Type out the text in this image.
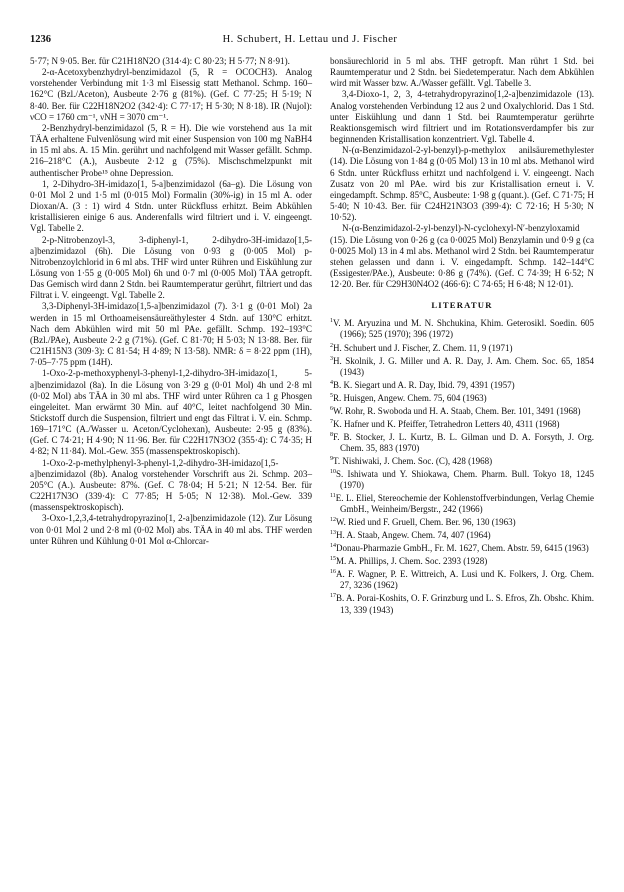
H. Schubert, H. Lettau und J. Fischer
1236

5·77; N 9·05. Ber. für C21H18N2O (314·4): C 80·23; H 5·77; N 8·91).

2-α-Acetoxybenzhydryl-benzimidazol (5, R = OCOCH3). Analog vorstehender Verbindung mit 1·3 ml Eisessig statt Methanol. Schmp. 160–162°C (Bzl./Aceton), Ausbeute 2·76 g (81%). (Gef. C 77·25; H 5·19; N 8·40. Ber. für C22H18N2O2 (342·4): C 77·17; H 5·30; N 8·18). IR (Nujol): νCO = 1760 cm⁻¹, νNH = 3070 cm⁻¹.

2-Benzhydryl-benzimidazol (5, R = H). Die wie vorstehend aus 1a mit TÄA erhaltene Fulvenlösung wird mit einer Suspension von 100 mg NaBH4 in 15 ml abs. A. 15 Min. gerührt und nachfolgend mit Wasser gefällt. Schmp. 216–218°C (A.), Ausbeute 2·12 g (75%). Mischschmelzpunkt mit authentischer Probe¹⁵ ohne Depression.

1, 2-Dihydro-3H-imidazo[1, 5-a]benzimidazol (6a–g). Die Lösung von 0·01 Mol 2 und 1·5 ml (0·015 Mol) Formalin (30%-ig) in 15 ml A. oder Dioxan/A. (3 : 1) wird 4 Stdn. unter Rückfluss erhitzt. Beim Abkühlen kristallisieren einige 6 aus. Anderenfalls wird filtriert und i. V. eingeengt. Vgl. Tabelle 2.

2-p-Nitrobenzoyl-3, 3-diphenyl-1, 2-dihydro-3H-imidazo[1,5-a]benzimidazol (6h). Die Lösung von 0·93 g (0·005 Mol) p-Nitrobenzoylchlorid in 6 ml abs. THF wird unter Rühren und Eiskühlung zur Lösung von 1·55 g (0·005 Mol) 6h und 0·7 ml (0·005 Mol) TÄA getropft. Das Gemisch wird dann 2 Stdn. bei Raumtemperatur gerührt, filtriert und das Filtrat i. V. eingeengt. Vgl. Tabelle 2.

3,3-Diphenyl-3H-imidazo[1,5-a]benzimidazol (7). 3·1 g (0·01 Mol) 2a werden in 15 ml Orthoameisensäureäthylester 4 Stdn. auf 130°C erhitzt. Nach dem Abkühlen wird mit 50 ml PAe. gefällt. Schmp. 192–193°C (Bzl./PAe), Ausbeute 2·2 g (71%). (Gef. C 81·70; H 5·03; N 13·88. Ber. für C21H15N3 (309·3): C 81·54; H 4·89; N 13·58). NMR: δ = 8·22 ppm (1H), 7·05–7·75 ppm (14H).

1-Oxo-2-p-methoxyphenyl-3-phenyl-1,2-dihydro-3H-imidazo[1, 5-a]benzimidazol (8a). In die Lösung von 3·29 g (0·01 Mol) 4h und 2·8 ml (0·02 Mol) abs TÄA in 30 ml abs. THF wird unter Rühren ca 1 g Phosgen eingeleitet. Man erwärmt 30 Min. auf 40°C, leitet nachfolgend 30 Min. Stickstoff durch die Suspension, filtriert und engt das Filtrat i. V. ein. Schmp. 169–171°C (A./Wasser u. Aceton/Cyclohexan), Ausbeute: 2·95 g (83%). (Gef. C 74·21; H 4·90; N 11·96. Ber. für C22H17N3O2 (355·4): C 74·35; H 4·82; N 11·84). Mol.-Gew. 355 (massenspektroskopisch).

1-Oxo-2-p-methylphenyl-3-phenyl-1,2-dihydro-3H-imidazo[1,5-a]benzimidazol (8b). Analog vorstehender Vorschrift aus 2i. Schmp. 203–205°C (A.). Ausbeute: 87%. (Gef. C 78·04; H 5·21; N 12·54. Ber. für C22H17N3O (339·4): C 77·85; H 5·05; N 12·38). Mol.-Gew. 339 (massenspektroskopisch).

3-Oxo-1,2,3,4-tetrahydropyrazino[1, 2-a]benzimidazole (12). Zur Lösung von 0·01 Mol 2 und 2·8 ml (0·02 Mol) abs. TÄA in 40 ml abs. THF werden unter Rühren und Kühlung 0·01 Mol α-Chlorcar-

bonsäurechlorid in 5 ml abs. THF getropft. Man rührt 1 Std. bei Raumtemperatur und 2 Stdn. bei Siedetemperatur. Nach dem Abkühlen wird mit Wasser bzw. A./Wasser gefällt. Vgl. Tabelle 3.

3,4-Dioxo-1, 2, 3, 4-tetrahydropyrazino[1,2-a]benzimidazole (13). Analog vorstehenden Verbindung 12 aus 2 und Oxalychlorid. Das 1 Std. unter Eiskühlung und dann 1 Std. bei Raumtemperatur gerührte Reaktionsgemisch wird filtriert und im Rotationsverdampfer bis zur beginnenden Kristallisation konzentriert. Vgl. Tabelle 4.

N-(α-Benzimidazol-2-yl-benzyl)-p-methylox anilsäuremethylester (14). Die Lösung von 1·84 g (0·05 Mol) 13 in 10 ml abs. Methanol wird 6 Stdn. unter Rückfluss erhitzt und nachfolgend i. V. eingeengt. Nach Zusatz von 20 ml PAe. wird bis zur Kristallisation erneut i. V. eingedampft. Schmp. 85°C, Ausbeute: 1·98 g (quant.). (Gef. C 71·75; H 5·40; N 10·43. Ber. für C24H21N3O3 (399·4): C 72·16; H 5·30; N 10·52).

N-(α-Benzimidazol-2-yl-benzyl)-N-cyclohexyl-N′-benzyloxamid (15). Die Lösung von 0·26 g (ca 0·0025 Mol) Benzylamin und 0·9 g (ca 0·0025 Mol) 13 in 4 ml abs. Methanol wird 2 Stdn. bei Raumtemperatur stehen gelassen und dann i. V. eingedampft. Schmp. 142–144°C (Essigester/PAe.), Ausbeute: 0·86 g (74%). (Gef. C 74·39; H 6·52; N 12·20. Ber. für C29H30N4O2 (466·6): C 74·65; H 6·48; N 12·01).

LITERATUR

$^1$V. M. Aryuzina und M. N. Shchukina, Khim. Geterosikl. Soedin. 605 (1966); 525 (1970); 396 (1972)

$^2$H. Schubert und J. Fischer, Z. Chem. 11, 9 (1971)

$^3$H. Skolnik, J. G. Miller und A. R. Day, J. Am. Chem. Soc. 65, 1854 (1943)

$^4$B. K. Siegart und A. R. Day, Ibid. 79, 4391 (1957)

$^5$R. Huisgen, Angew. Chem. 75, 604 (1963)

$^6$W. Rohr, R. Swoboda und H. A. Staab, Chem. Ber. 101, 3491 (1968)

$^7$K. Hafner und K. Pfeiffer, Tetrahedron Letters 40, 4311 (1968)

$^8$F. B. Stocker, J. L. Kurtz, B. L. Gilman und D. A. Forsyth, J. Org. Chem. 35, 883 (1970)

$^9$T. Nishiwaki, J. Chem. Soc. (C), 428 (1968)

$^{10}$S. Ishiwata und Y. Shiokawa, Chem. Pharm. Bull. Tokyo 18, 1245 (1970)

$^{11}$E. L. Eliel, Stereochemie der Kohlenstoffverbindungen, Verlag Chemie GmbH., Weinheim/Bergstr., 242 (1966)

$^{12}$W. Ried und F. Gruell, Chem. Ber. 96, 130 (1963)

$^{13}$H. A. Staab, Angew. Chem. 74, 407 (1964)

$^{14}$Donau-Pharmazie GmbH., Fr. M. 1627, Chem. Abstr. 59, 6415 (1963)

$^{15}$M. A. Phillips, J. Chem. Soc. 2393 (1928)

$^{16}$A. F. Wagner, P. E. Wittreich, A. Lusi und K. Folkers, J. Org. Chem. 27, 3236 (1962)

$^{17}$B. A. Porai-Koshits, O. F. Grinzburg und L. S. Efros, Zh. Obshc. Khim. 13, 339 (1943)
